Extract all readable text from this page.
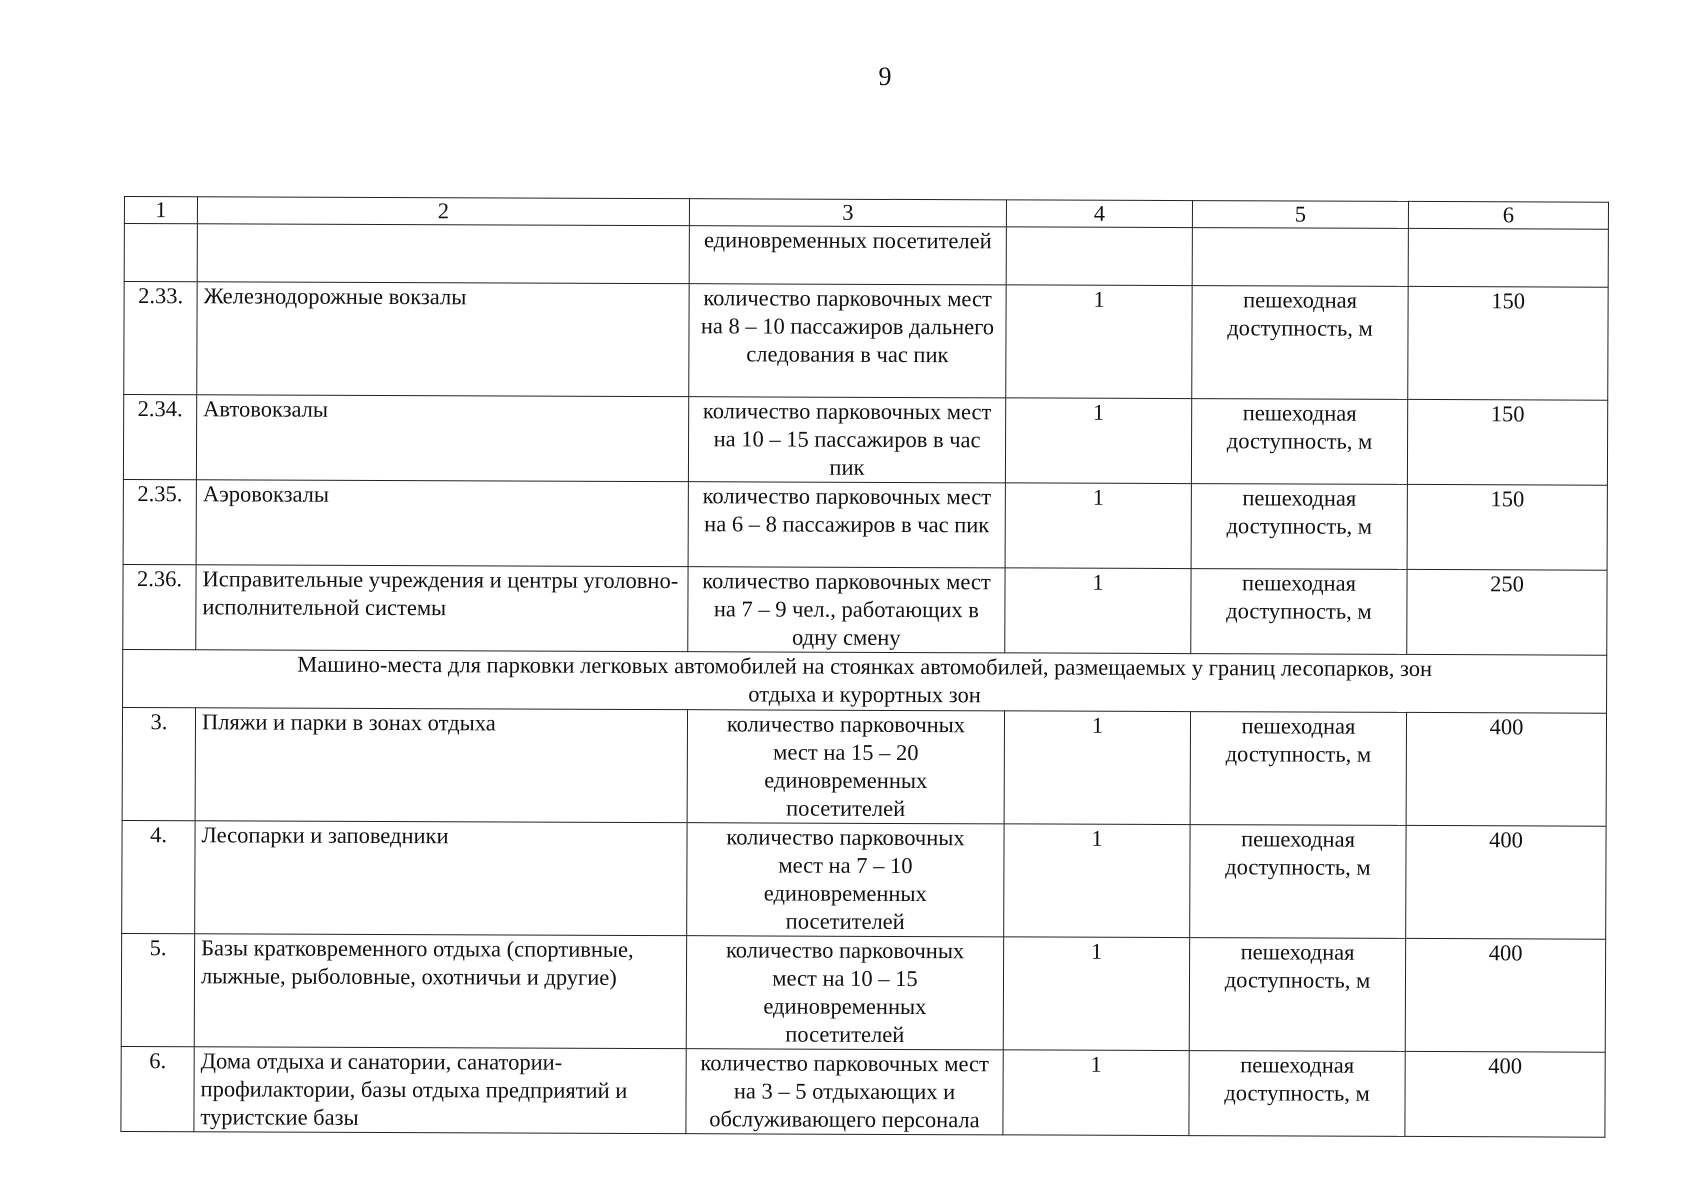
9
1	2	3	4	5	6
		единовременных посетителей			
2.33.	Железнодорожные вокзалы	количество парковочных мест на 8 – 10 пассажиров дальнего следования в час пик	1	пешеходная доступность, м	150
2.34.	Автовокзалы	количество парковочных мест на 10 – 15 пассажиров в час пик	1	пешеходная доступность, м	150
2.35.	Аэровокзалы	количество парковочных мест на 6 – 8 пассажиров в час пик	1	пешеходная доступность, м	150
2.36.	Исправительные учреждения и центры уголовно-исполнительной системы	количество парковочных мест на 7 – 9 чел., работающих в одну смену	1	пешеходная доступность, м	250
Машино-места для парковки легковых автомобилей на стоянках автомобилей, размещаемых у границ лесопарков, зон отдыха и курортных зон					
3.	Пляжи и парки в зонах отдыха	количество парковочных мест на 15 – 20 единовременных посетителей	1	пешеходная доступность, м	400
4.	Лесопарки и заповедники	количество парковочных мест на 7 – 10 единовременных посетителей	1	пешеходная доступность, м	400
5.	Базы кратковременного отдыха (спортивные, лыжные, рыболовные, охотничьи и другие)	количество парковочных мест на 10 – 15 единовременных посетителей	1	пешеходная доступность, м	400
6.	Дома отдыха и санатории, санатории-профилактории, базы отдыха предприятий и туристские базы	количество парковочных мест на 3 – 5 отдыхающих и обслуживающего персонала	1	пешеходная доступность, м	400
